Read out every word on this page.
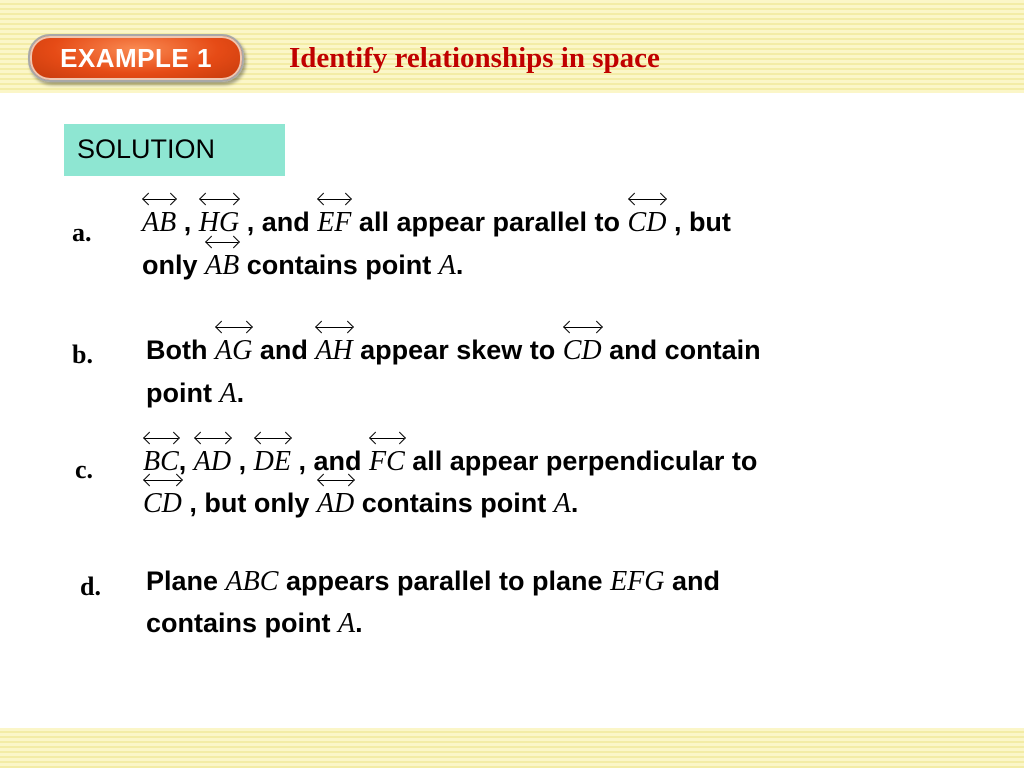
EXAMPLE 1	Identify relationships in space
SOLUTION
a. AB
, HG
, and EF
all appear parallel to CD
, but
only AB
contains point A.
b. Both AG
and AH
appear skew to CD
and contain
point A.
c. BC
, AD
, DE
, and FC
all appear perpendicular to
CD
, but only AD
contains point A.
d. Plane ABC appears parallel to plane EFG and
contains point A.
